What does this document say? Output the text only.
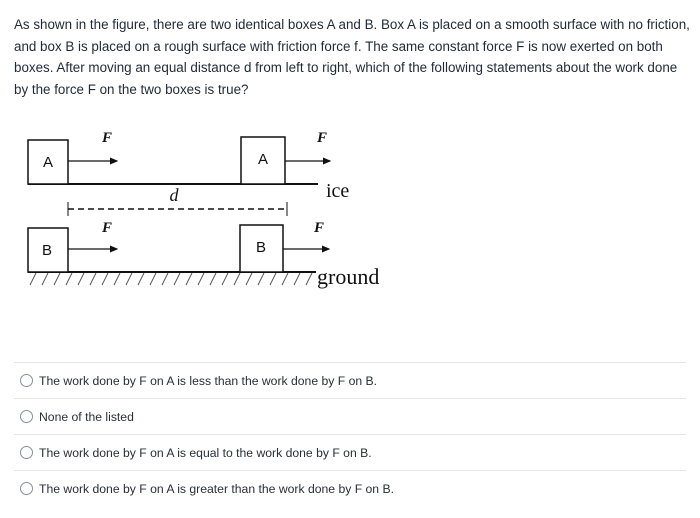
As shown in the figure, there are two identical boxes A and B. Box A is placed on a smooth surface with no friction, and box B is placed on a rough surface with friction force f. The same constant force F is now exerted on both boxes. After moving an equal distance d from left to right, which of the following statements about the work done by the force F on the two boxes is true?

A
F
A
F
ice
d
B
F
B
F
ground
The work done by F on A is less than the work done by F on B.
None of the listed
The work done by F on A is equal to the work done by F on B.
The work done by F on A is greater than the work done by F on B.
